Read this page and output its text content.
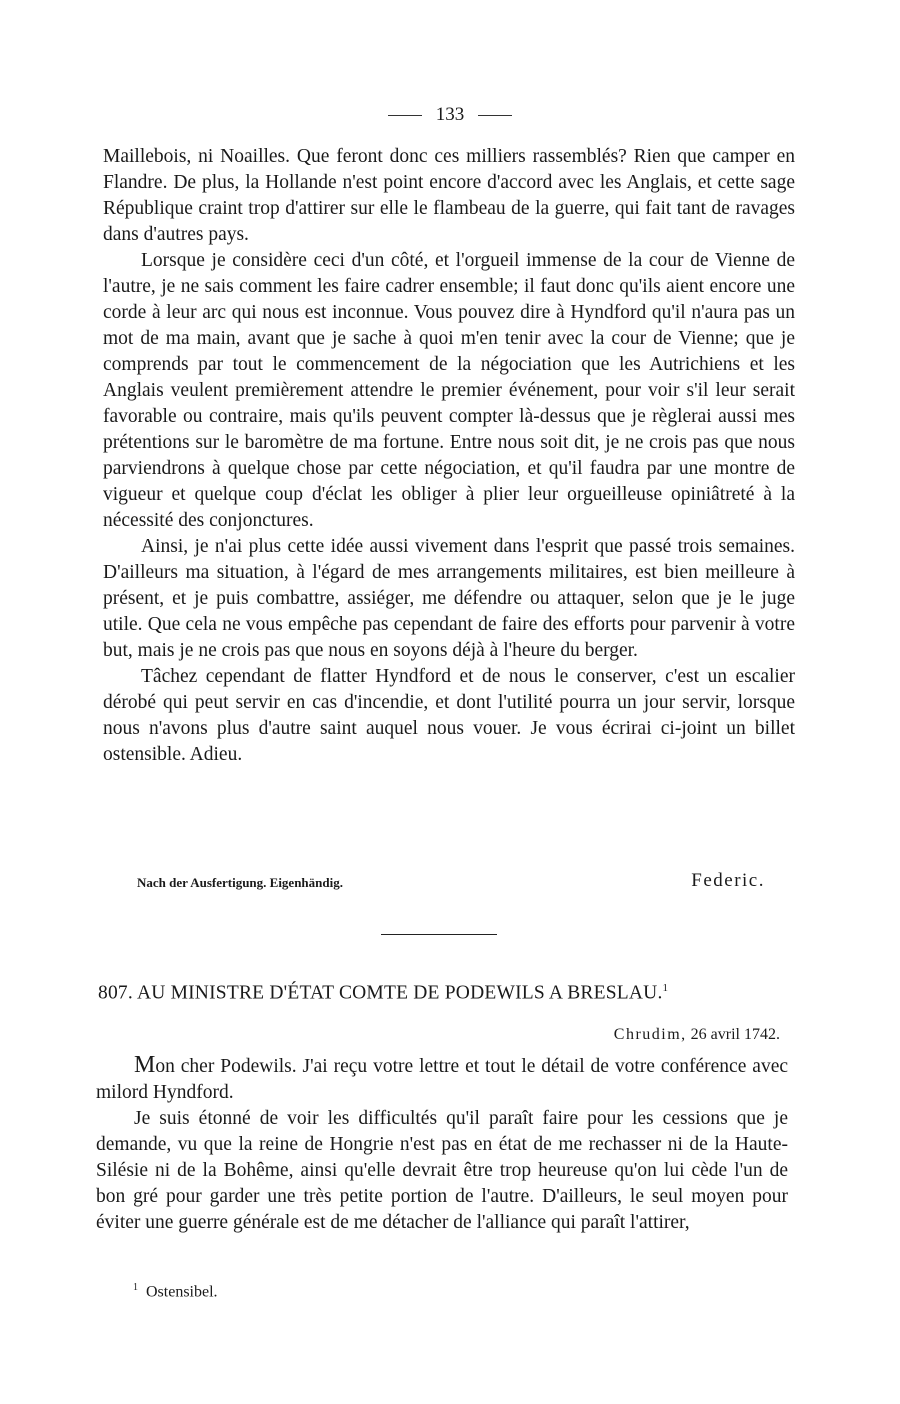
133

Maillebois, ni Noailles. Que feront donc ces milliers rassemblés? Rien que camper en Flandre. De plus, la Hollande n'est point encore d'accord avec les Anglais, et cette sage République craint trop d'attirer sur elle le flambeau de la guerre, qui fait tant de ravages dans d'autres pays.

Lorsque je considère ceci d'un côté, et l'orgueil immense de la cour de Vienne de l'autre, je ne sais comment les faire cadrer ensemble; il faut donc qu'ils aient encore une corde à leur arc qui nous est inconnue. Vous pouvez dire à Hyndford qu'il n'aura pas un mot de ma main, avant que je sache à quoi m'en tenir avec la cour de Vienne; que je comprends par tout le commencement de la négociation que les Autrichiens et les Anglais veulent premièrement attendre le premier événement, pour voir s'il leur serait favorable ou contraire, mais qu'ils peuvent compter là-dessus que je règlerai aussi mes prétentions sur le baromètre de ma fortune. Entre nous soit dit, je ne crois pas que nous parviendrons à quelque chose par cette négociation, et qu'il faudra par une montre de vigueur et quelque coup d'éclat les obliger à plier leur orgueilleuse opiniâtreté à la nécessité des conjonctures.

Ainsi, je n'ai plus cette idée aussi vivement dans l'esprit que passé trois semaines. D'ailleurs ma situation, à l'égard de mes arrangements militaires, est bien meilleure à présent, et je puis combattre, assiéger, me défendre ou attaquer, selon que je le juge utile. Que cela ne vous empêche pas cependant de faire des efforts pour parvenir à votre but, mais je ne crois pas que nous en soyons déjà à l'heure du berger.

Tâchez cependant de flatter Hyndford et de nous le conserver, c'est un escalier dérobé qui peut servir en cas d'incendie, et dont l'utilité pourra un jour servir, lorsque nous n'avons plus d'autre saint auquel nous vouer. Je vous écrirai ci-joint un billet ostensible. Adieu.

Nach der Ausfertigung. Eigenhändig.	Federic.
807. AU MINISTRE D'ÉTAT COMTE DE PODEWILS A BRESLAU.$^1$
Chrudim, 26 avril 1742.

Mon cher Podewils. J'ai reçu votre lettre et tout le détail de votre conférence avec milord Hyndford.

Je suis étonné de voir les difficultés qu'il paraît faire pour les cessions que je demande, vu que la reine de Hongrie n'est pas en état de me rechasser ni de la Haute-Silésie ni de la Bohême, ainsi qu'elle devrait être trop heureuse qu'on lui cède l'un de bon gré pour garder une très petite portion de l'autre. D'ailleurs, le seul moyen pour éviter une guerre générale est de me détacher de l'alliance qui paraît l'attirer,

$^1$ Ostensibel.
